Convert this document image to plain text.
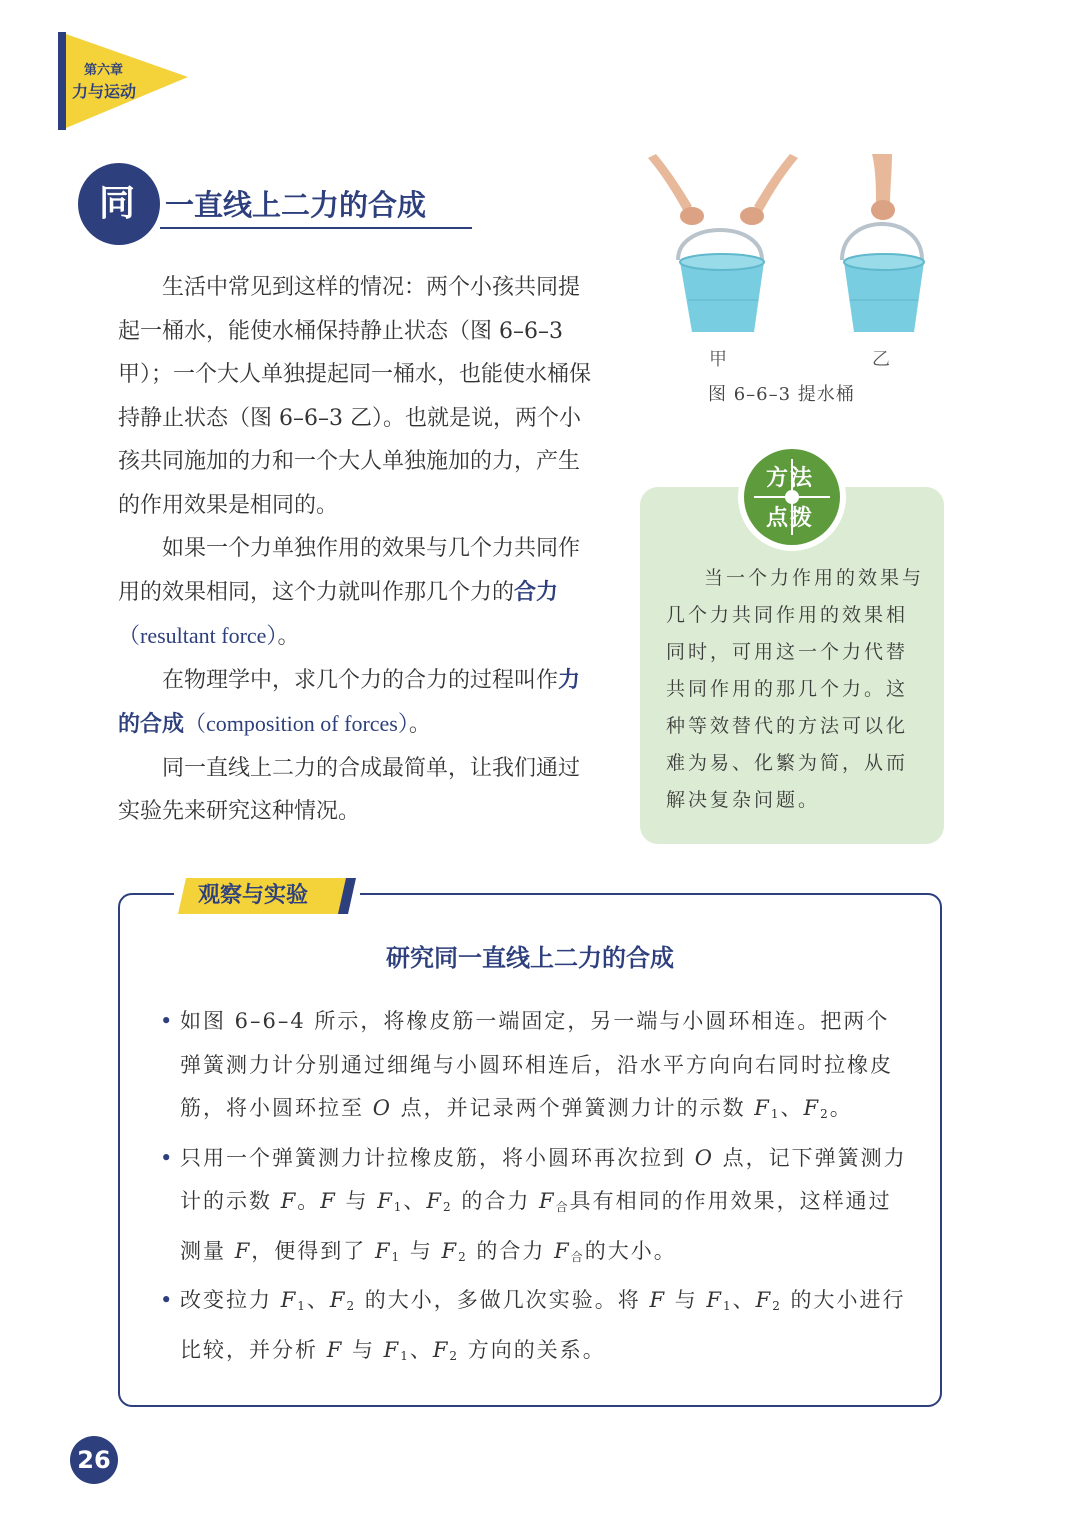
第六章
力与运动
同	一直线上二力的合成

生活中常见到这样的情况：两个小孩共同提起一桶水，能使水桶保持静止状态（图 6–6–3 甲）；一个大人单独提起同一桶水，也能使水桶保持静止状态（图 6–6–3 乙）。也就是说，两个小孩共同施加的力和一个大人单独施加的力，产生的作用效果是相同的。

如果一个力单独作用的效果与几个力共同作用的效果相同，这个力就叫作那几个力的合力（resultant force）。

在物理学中，求几个力的合力的过程叫作力的合成（composition of forces）。

同一直线上二力的合成最简单，让我们通过实验先来研究这种情况。

甲	乙
图 6–6–3 提水桶
方法
点拨

当一个力作用的效果与几个力共同作用的效果相同时，可用这一个力代替共同作用的那几个力。这种等效替代的方法可以化难为易、化繁为简，从而解决复杂问题。

观察与实验
研究同一直线上二力的合成
• 如图 6–6–4 所示，将橡皮筋一端固定，另一端与小圆环相连。把两个弹簧测力计分别通过细绳与小圆环相连后，沿水平方向向右同时拉橡皮筋，将小圆环拉至 O 点，并记录两个弹簧测力计的示数 $F_1$、$F_2$。
• 只用一个弹簧测力计拉橡皮筋，将小圆环再次拉到 O 点，记下弹簧测力计的示数 F。F 与 $F_1$、$F_2$ 的合力 $F_合$具有相同的作用效果，这样通过测量 F，便得到了 $F_1$ 与 $F_2$ 的合力 $F_合$的大小。
• 改变拉力 $F_1$、$F_2$ 的大小，多做几次实验。将 F 与 $F_1$、$F_2$ 的大小进行比较，并分析 F 与 $F_1$、$F_2$ 方向的关系。
26
